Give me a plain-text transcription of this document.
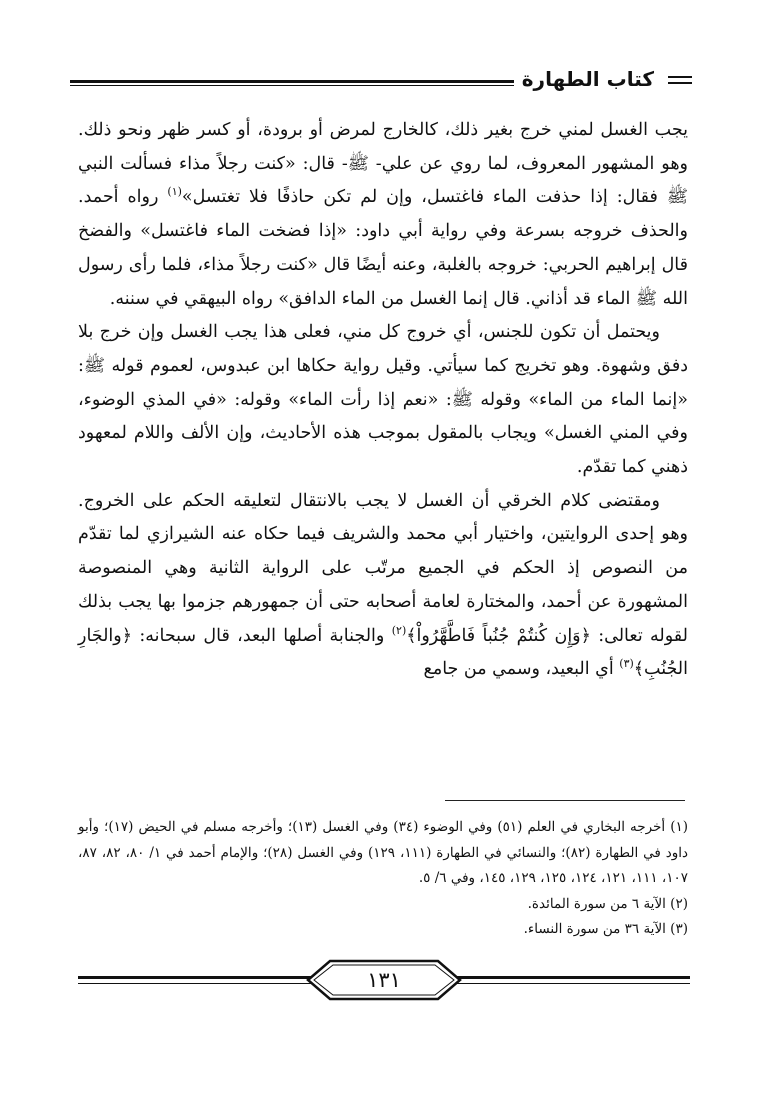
كتاب الطهارة

يجب الغسل لمني خرج بغير ذلك، كالخارج لمرض أو برودة، أو كسر ظهر ونحو ذلك. وهو المشهور المعروف، لما روي عن علي- ﷺ- قال: «كنت رجلاً مذاء فسألت النبي ﷺ فقال: إذا حذفت الماء فاغتسل، وإن لم تكن حاذفًا فلا تغتسل»$^{(١)}$ رواه أحمد. والحذف خروجه بسرعة وفي رواية أبي داود: «إذا فضخت الماء فاغتسل» والفضخ قال إبراهيم الحربي: خروجه بالغلبة، وعنه أيضًا قال «كنت رجلاً مذاء، فلما رأى رسول الله ﷺ الماء قد أذاني. قال إنما الغسل من الماء الدافق» رواه البيهقي في سننه.

ويحتمل أن تكون للجنس، أي خروج كل مني، فعلى هذا يجب الغسل وإن خرج بلا دفق وشهوة. وهو تخريج كما سيأتي. وقيل رواية حكاها ابن عبدوس، لعموم قوله ﷺ: «إنما الماء من الماء» وقوله ﷺ: «نعم إذا رأت الماء» وقوله: «في المذي الوضوء، وفي المني الغسل» ويجاب بالمقول بموجب هذه الأحاديث، وإن الألف واللام لمعهود ذهني كما تقدّم.

ومقتضى كلام الخرقي أن الغسل لا يجب بالانتقال لتعليقه الحكم على الخروج. وهو إحدى الروايتين، واختيار أبي محمد والشريف فيما حكاه عنه الشيرازي لما تقدّم من النصوص إذ الحكم في الجميع مرتّب على الرواية الثانية وهي المنصوصة المشهورة عن أحمد، والمختارة لعامة أصحابه حتى أن جمهورهم جزموا بها يجب بذلك لقوله تعالى: ﴿وَإِن كُنتُمْ جُنُباً فَاطَّهَّرُواْ﴾$^{(٢)}$ والجنابة أصلها البعد، قال سبحانه: ﴿والجَارِ الجُنُبِ﴾$^{(٣)}$ أي البعيد، وسمي من جامع

(١) أخرجه البخاري في العلم (٥١) وفي الوضوء (٣٤) وفي الغسل (١٣)؛ وأخرجه مسلم في الحيض (١٧)؛ وأبو داود في الطهارة (٨٢)؛ والنسائي في الطهارة (١١١، ١٢٩) وفي الغسل (٢٨)؛ والإمام أحمد في ١/ ٨٠، ٨٢، ٨٧، ١٠٧، ١١١، ١٢١، ١٢٤، ١٢٥، ١٢٩، ١٤٥، وفي ٦/ ٥.

(٢) الآية ٦ من سورة المائدة.

(٣) الآية ٣٦ من سورة النساء.

١٣١
